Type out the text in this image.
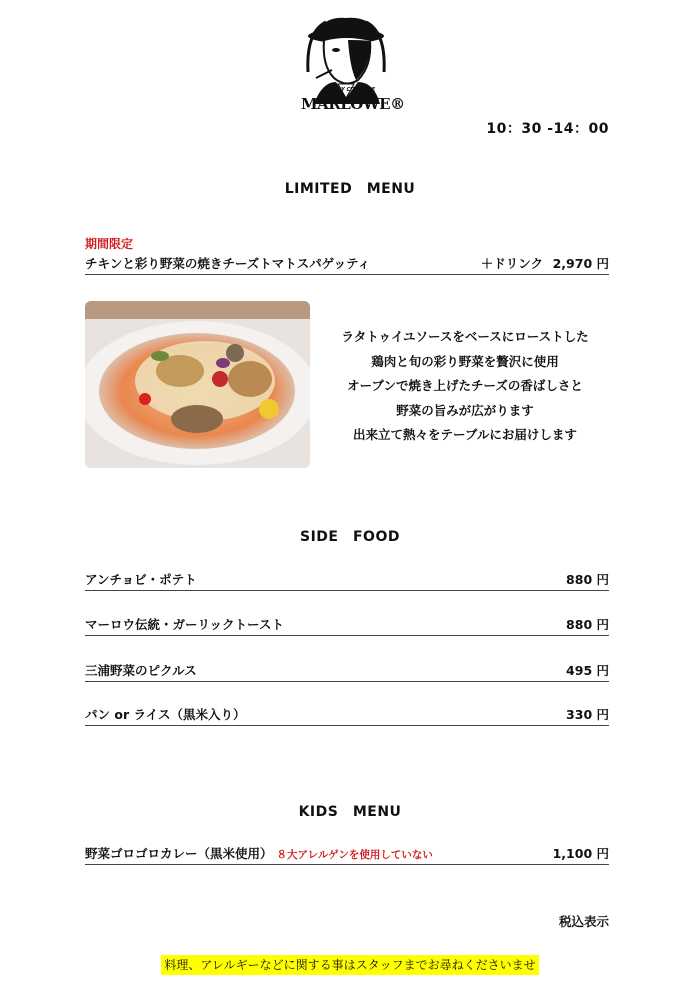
BAY CITY CAFE
MARLOWE®
10：30 -14：00
LIMITED　MENU
期間限定
チキンと彩り野菜の焼きチーズトマトスパゲッティ	＋ドリンク 2,970 円
ラタトゥイユソースをベースにローストした
鶏肉と旬の彩り野菜を贅沢に使用
オーブンで焼き上げたチーズの香ばしさと
野菜の旨みが広がります
出来立て熱々をテーブルにお届けします
SIDE　FOOD
アンチョビ・ポテト	880 円
マーロウ伝統・ガーリックトースト	880 円
三浦野菜のピクルス	495 円
パン or ライス（黒米入り）	330 円
KIDS　MENU
野菜ゴロゴロカレー（黒米使用） ８大アレルゲンを使用していない	1,100 円
税込表示
料理、アレルギーなどに関する事はスタッフまでお尋ねくださいませ
